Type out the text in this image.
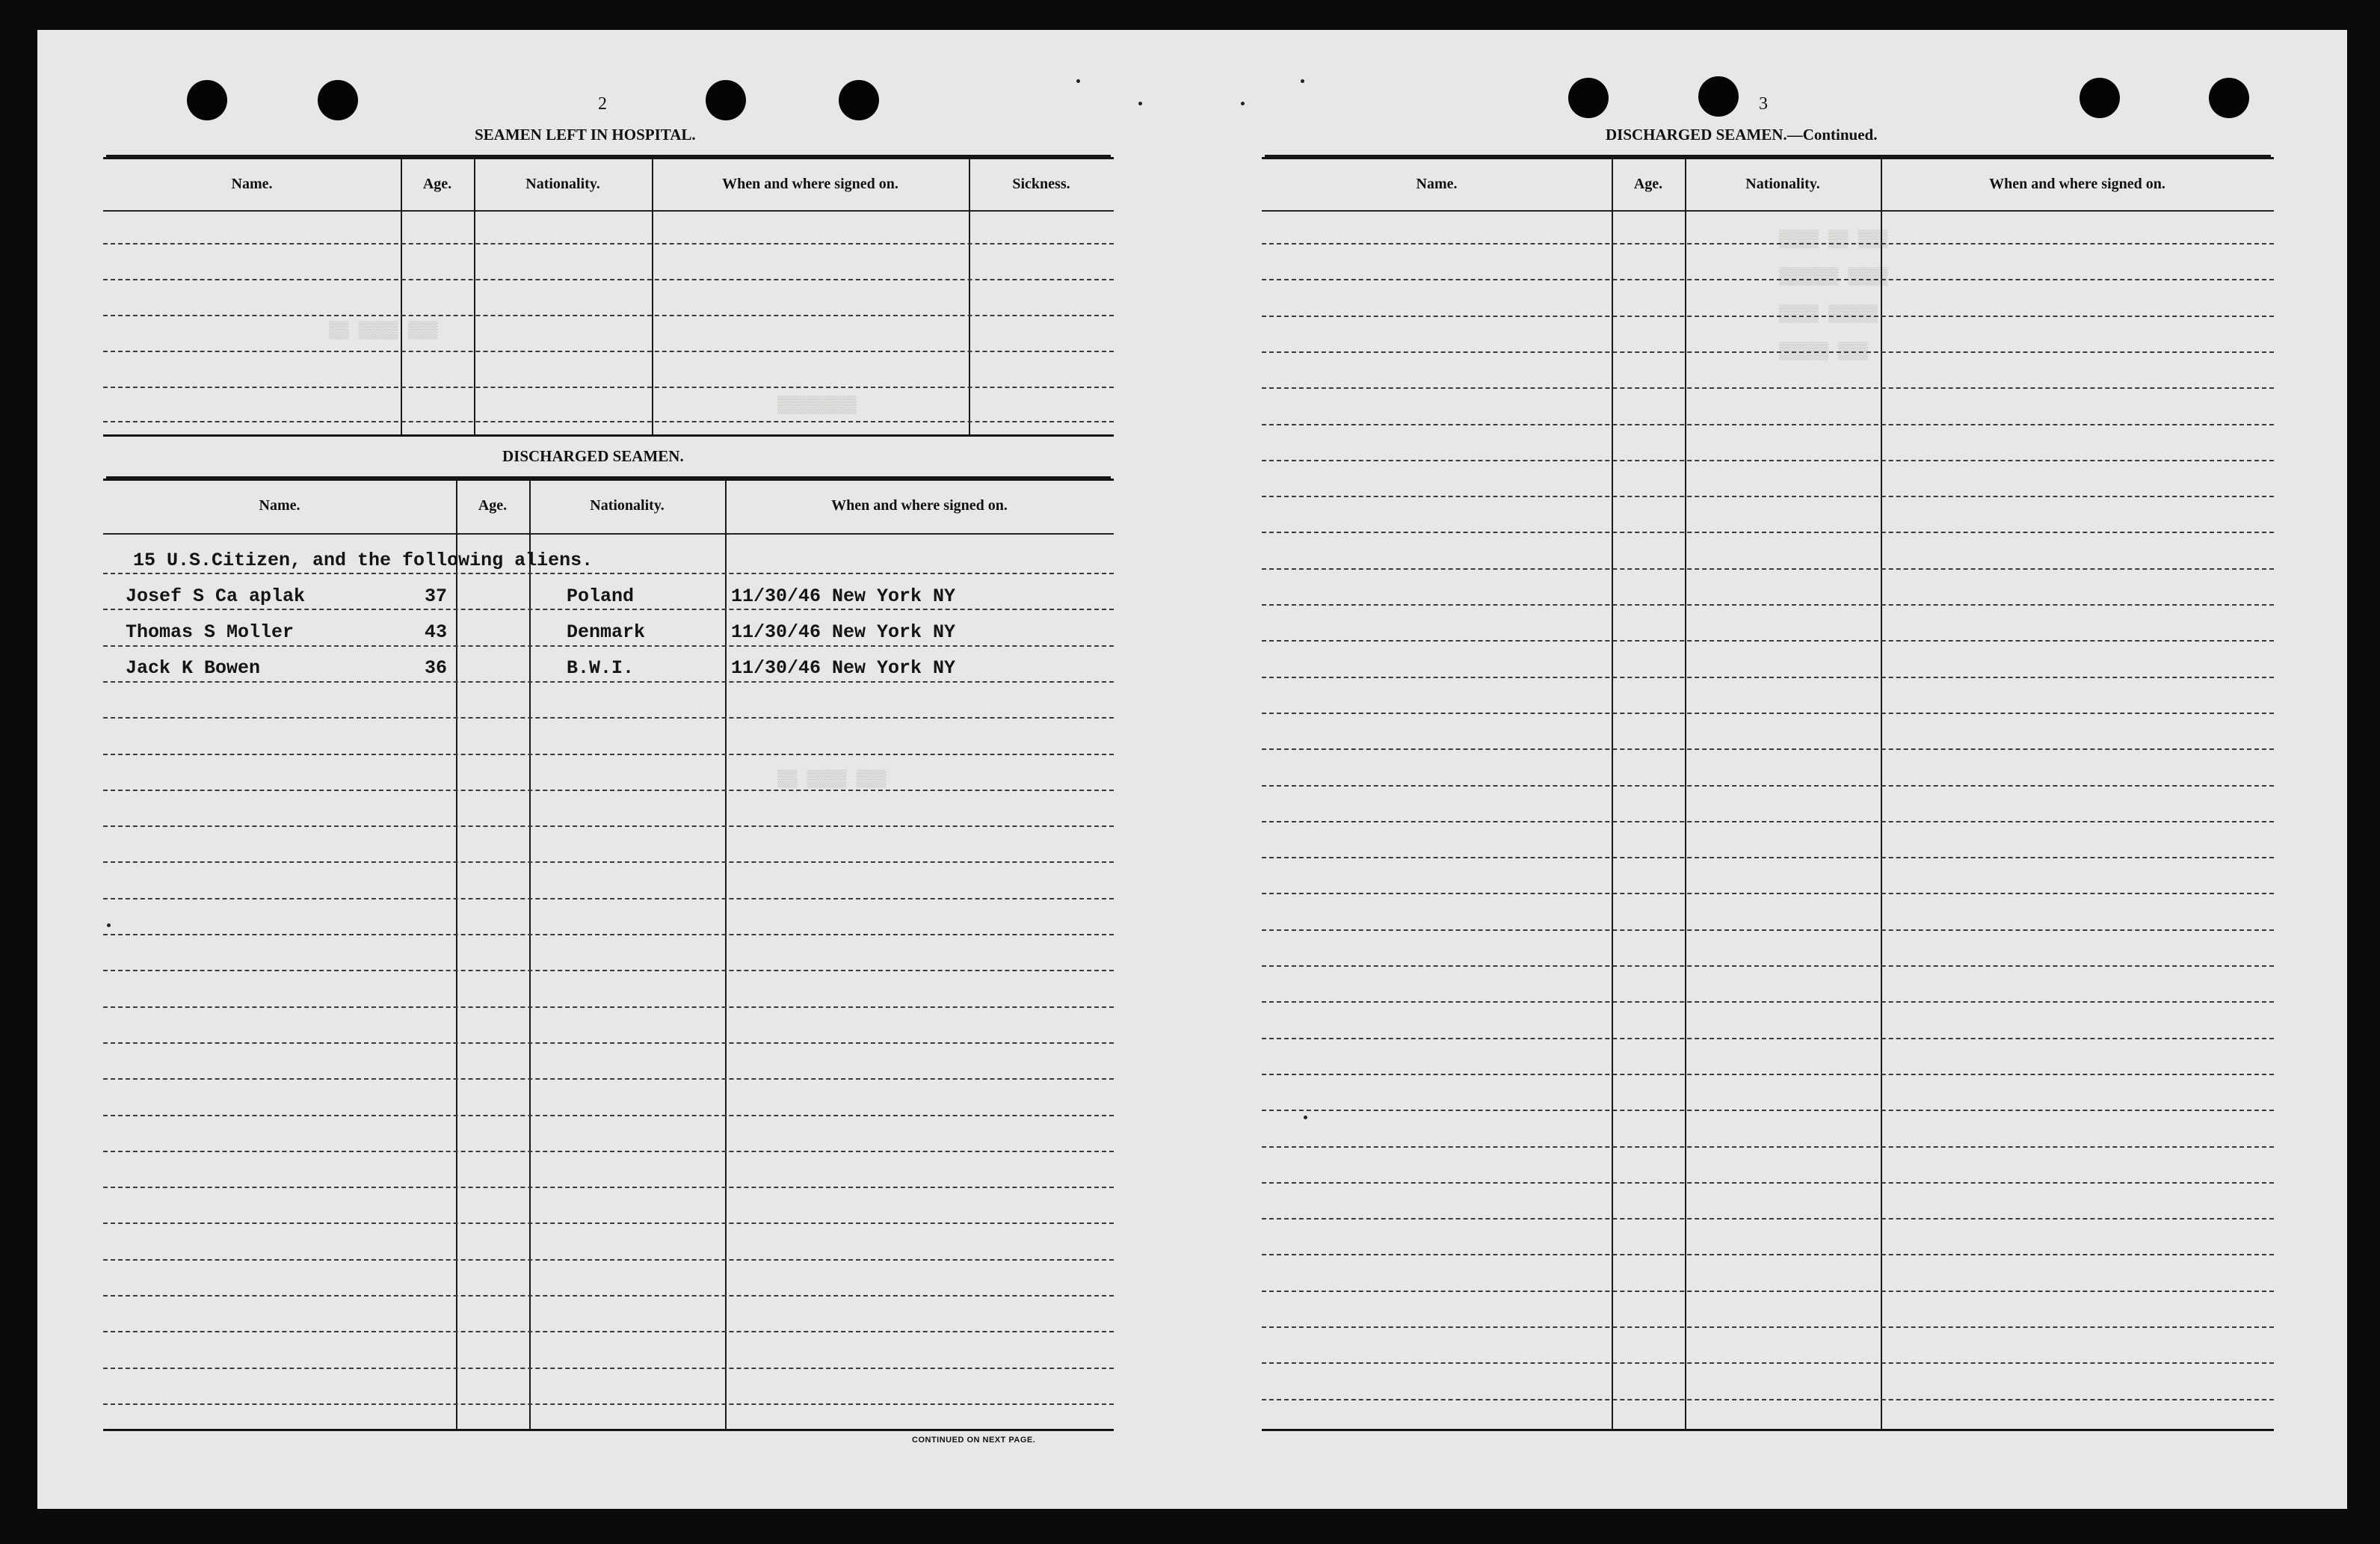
▒▒▒ ▒▒ ▒▒▒▒
▒▒▒▒ ▒▒▒▒▒▒
▒▒▒▒▒ ▒▒▒▒
▒▒▒ ▒▒▒▒▒
▒▒▒ ▒▒▒▒ ▒▒
▒▒▒▒▒▒▒▒
▒▒▒ ▒▒▒▒ ▒▒
2
SEAMEN LEFT IN HOSPITAL.
Name.	Age.	Nationality.	When and where signed on.	Sickness.
DISCHARGED SEAMEN.
Name.	Age.	Nationality.	When and where signed on.
15 U.S.Citizen, and the following aliens.
Josef S Ca aplak	37	Poland	11/30/46 New York NY
Thomas S Moller	43	Denmark	11/30/46 New York NY
Jack K Bowen	36	B.W.I.	11/30/46 New York NY
CONTINUED ON NEXT PAGE.
3
DISCHARGED SEAMEN.—Continued.
Name.	Age.	Nationality.	When and where signed on.
